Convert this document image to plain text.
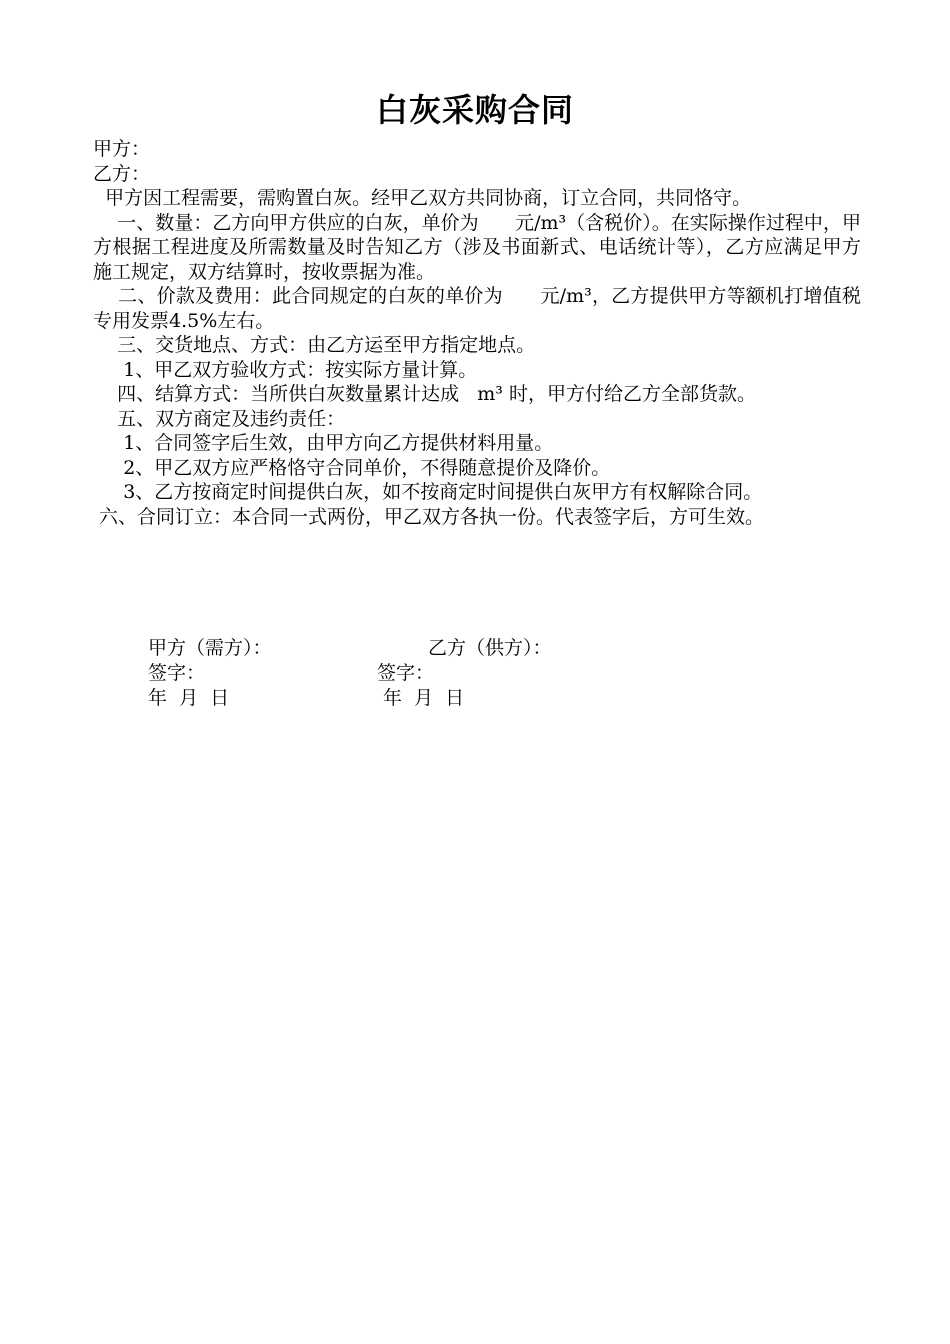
白灰采购合同

甲方：

乙方：

甲方因工程需要，需购置白灰。经甲乙双方共同协商，订立合同，共同恪守。

一、数量：乙方向甲方供应的白灰，单价为      元/m³（含税价）。在实际操作过程中，甲方根据工程进度及所需数量及时告知乙方（涉及书面新式、电话统计等），乙方应满足甲方施工规定，双方结算时，按收票据为准。

二、价款及费用：此合同规定的白灰的单价为      元/m³，乙方提供甲方等额机打增值税专用发票4.5%左右。

三、交货地点、方式：由乙方运至甲方指定地点。

1、甲乙双方验收方式：按实际方量计算。

四、结算方式：当所供白灰数量累计达成   m³ 时，甲方付给乙方全部货款。

五、双方商定及违约责任：

1、合同签字后生效，由甲方向乙方提供材料用量。

2、甲乙双方应严格恪守合同单价，不得随意提价及降价。

3、乙方按商定时间提供白灰，如不按商定时间提供白灰甲方有权解除合同。

六、合同订立：本合同一式两份，甲乙双方各执一份。代表签字后，方可生效。

甲方（需方）：	乙方（供方）：
签字：	签字：
年  月  日	年  月  日
